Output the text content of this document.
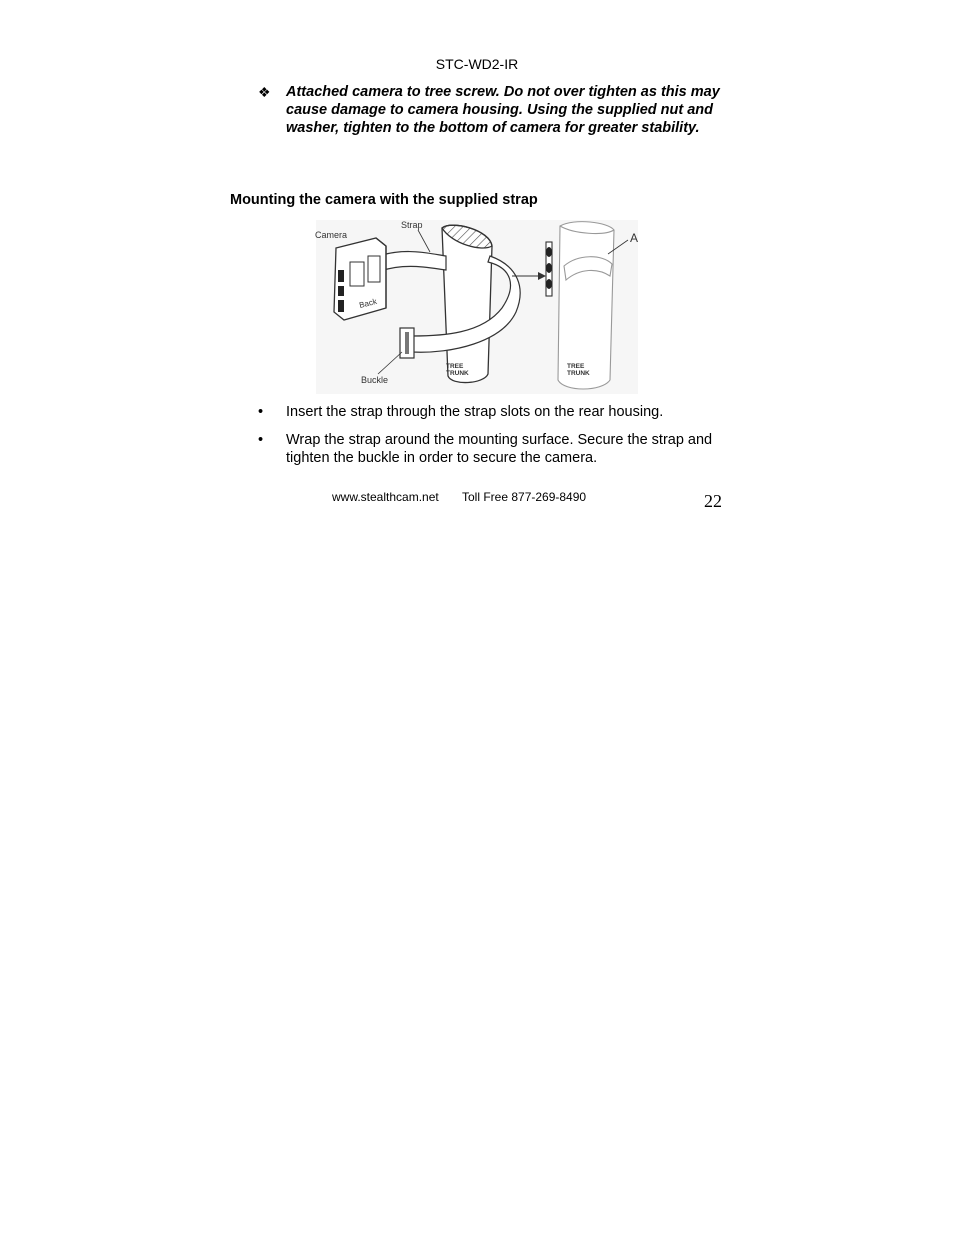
STC-WD2-IR
❖ Attached camera to tree screw. Do not over tighten as this may cause damage to camera housing. Using the supplied nut and washer, tighten to the bottom of camera for greater stability.
Mounting the camera with the supplied strap
Camera
Strap
Back
Buckle
TREE
TRUNK
TREE
TRUNK
A
• Insert the strap through the strap slots on the rear housing.
• Wrap the strap around the mounting surface. Secure the strap and tighten the buckle in order to secure the camera.
www.stealthcam.net Toll Free 877-269-8490	22
